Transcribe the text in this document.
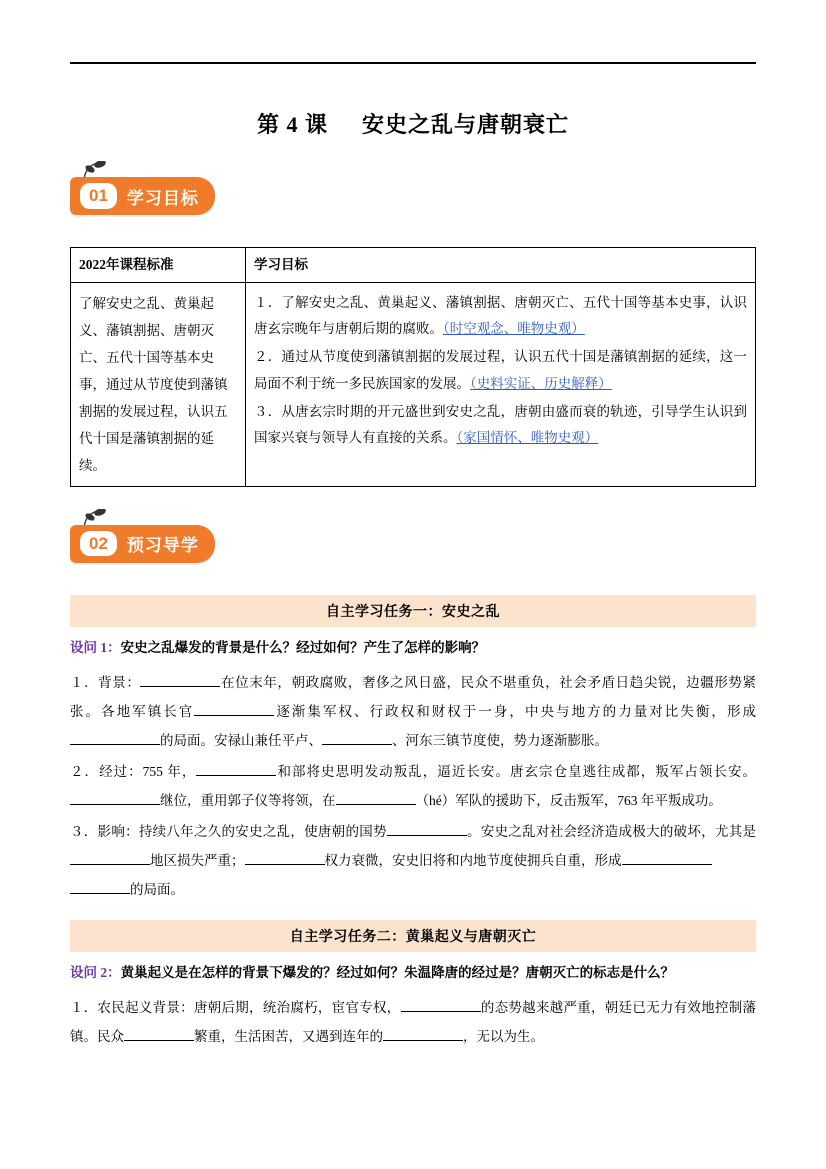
第 4 课 安史之乱与唐朝衰亡
01	学习目标
2022年课程标准	学习目标
了解安史之乱、黄巢起义、藩镇割据、唐朝灭亡、五代十国等基本史事，通过从节度使到藩镇割据的发展过程，认识五代十国是藩镇割据的延续。	１．了解安史之乱、黄巢起义、藩镇割据、唐朝灭亡、五代十国等基本史事，认识唐玄宗晚年与唐朝后期的腐败。（时空观念、唯物史观）

２．通过从节度使到藩镇割据的发展过程，认识五代十国是藩镇割据的延续，这一局面不利于统一多民族国家的发展。（史料实证、历史解释）

３．从唐玄宗时期的开元盛世到安史之乱，唐朝由盛而衰的轨迹，引导学生认识到国家兴衰与领导人有直接的关系。（家国情怀、唯物史观）

02	预习导学
自主学习任务一：安史之乱
设问 1：安史之乱爆发的背景是什么？经过如何？产生了怎样的影响？

１．背景：	在位末年，朝政腐败，奢侈之风日盛，民众不堪重负，社会矛盾日趋尖锐，边疆形势紧张。各地军镇长官	逐渐集军权、行政权和财权于一身，中央与地方的力量对比失衡，形成的局面。安禄山兼任平卢、	、河东三镇节度使，势力逐渐膨胀。

２．经过：755 年，	和部将史思明发动叛乱，逼近长安。唐玄宗仓皇逃往成都，叛军占领长安。继位，重用郭子仪等将领，在	（hé）军队的援助下，反击叛军，763 年平叛成功。

３．影响：持续八年之久的安史之乱，使唐朝的国势	。安史之乱对社会经济造成极大的破坏，尤其是地区损失严重；	权力衰微，安史旧将和内地节度使拥兵自重，形成
的局面。

自主学习任务二：黄巢起义与唐朝灭亡
设问 2：黄巢起义是在怎样的背景下爆发的？经过如何？朱温降唐的经过是？唐朝灭亡的标志是什么？

１．农民起义背景：唐朝后期，统治腐朽，宦官专权，	的态势越来越严重，朝廷已无力有效地控制藩镇。民众	繁重，生活困苦，又遇到连年的	，无以为生。
